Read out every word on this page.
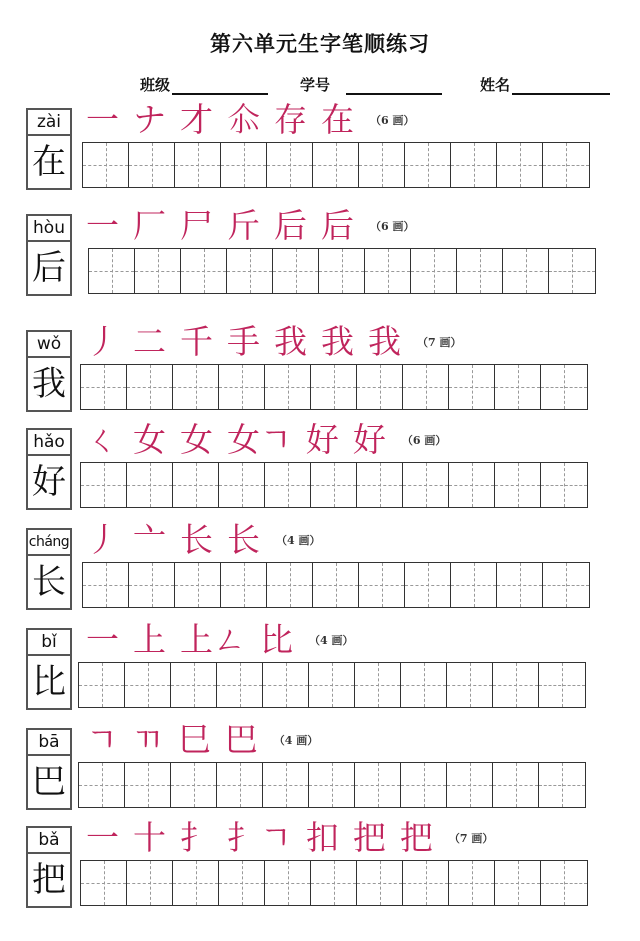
第六单元生字笔顺练习
班级	学号	姓名
zài
在
一 ナ 才 𠇍 存 在 （6 画）
hòu
后
一 厂 尸 斤 后 后 （6 画）
wǒ
我
丿 二 千 手 我 我 我 （7 画）
hǎo
好
ㄑ 女 女 女ㄱ 好 好 （6 画）
cháng
长
丿 亠 长 长 （4 画）
bǐ
比
一 上 上ㄥ 比 （4 画）
bā
巴
ㄱ ㄲ 巳 巴 （4 画）
bǎ
把
一 十 扌 扌ㄱ 扣 把 把 （7 画）
